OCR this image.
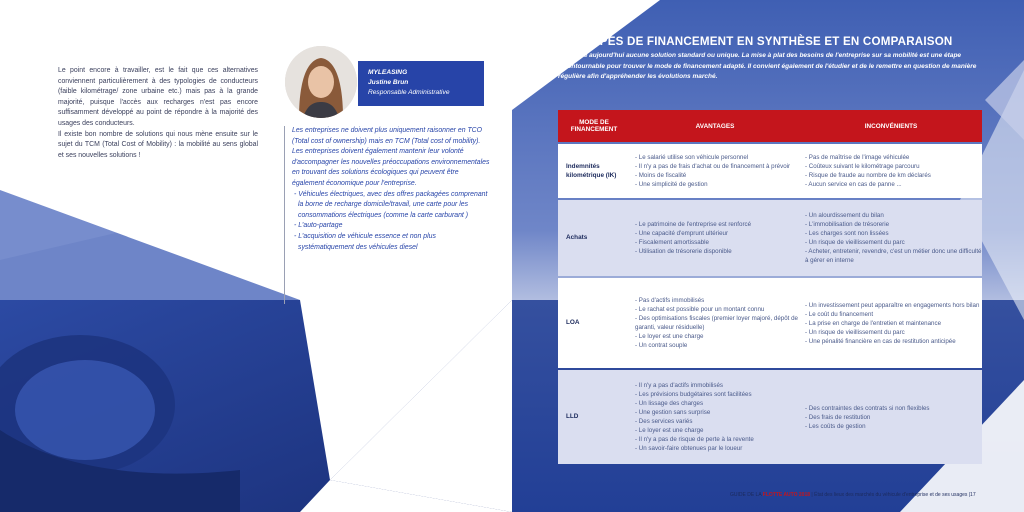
Le point encore à travailler, est le fait que ces alternatives conviennent particulièrement à des typologies de conducteurs (faible kilométrage/ zone urbaine etc.) mais pas à la grande majorité, puisque l'accès aux recharges n'est pas encore suffisamment développé au point de répondre à la majorité des usages des conducteurs.

Il existe bon nombre de solutions qui nous mène ensuite sur le sujet du TCM (Total Cost of Mobility) : la mobilité au sens global et ses nouvelles solutions !

MYLEASING
Justine Brun
Responsable Administrative

Les entreprises ne doivent plus uniquement raisonner en TCO (Total cost of ownership) mais en TCM (Total cost of mobility).

Les entreprises doivent également mantenir leur volonté d'accompagner les nouvelles préoccupations environnementales en trouvant des solutions écologiques qui peuvent être également économique pour l'entreprise.

- Véhicules électriques, avec des offres packagées comprenant la borne de recharge domicile/travail, une carte pour les consommations électriques (comme la carte carburant )

- L'auto-partage

- L'acquisition de véhicule essence et non plus systématiquement des véhicules diesel

LES TYPES DE FINANCEMENT EN SYNTHÈSE ET EN COMPARAISON
Il n'existe aujourd'hui aucune solution standard ou unique. La mise à plat des besoins de l'entreprise sur sa mobilité est une étape incontournable pour trouver le mode de financement adapté. Il convient également de l'étudier et de le remettre en question de manière régulière afin d'appréhender les évolutions marché.
MODE DE FINANCEMENT	AVANTAGES	INCONVÉNIENTS
Indemnités kilométrique (IK)
- Le salarié utilise son véhicule personnel
- Il n'y a pas de frais d'achat ou de financement à prévoir
- Moins de fiscalité
- Une simplicité de gestion
- Pas de maîtrise de l'image véhiculée
- Coûteux suivant le kilométrage parcouru
- Risque de fraude au nombre de km déclarés
- Aucun service en cas de panne ...
Achats
- Le patrimoine de l'entreprise est renforcé
- Une capacité d'emprunt ultérieur
- Fiscalement amortissable
- Utilisation de trésorerie disponible
- Un alourdissement du bilan
- L'immobilisation de trésorerie
- Les charges sont non lissées
- Un risque de vieillissement du parc
- Acheter, entretenir, revendre, c'est un métier donc une difficulté à gérer en interne
LOA
- Pas d'actifs immobilisés
- Le rachat est possible pour un montant connu
- Des optimisations fiscales (premier loyer majoré, dépôt de garanti, valeur résiduelle)
- Le loyer est une charge
- Un contrat souple
- Un investissement peut apparaître en engagements hors bilan
- Le coût du financement
- La prise en charge de l'entretien et maintenance
- Un risque de vieillissement du parc
- Une pénalité financière en cas de restitution anticipée
LLD
- Il n'y a pas d'actifs immobilisés
- Les prévisions budgétaires sont facilitées
- Un lissage des charges
- Une gestion sans surprise
- Des services variés
- Le loyer est une charge
- Il n'y a pas de risque de perte à la revente
- Un savoir-faire obtenues par le loueur
- Des contraintes des contrats si non flexibles
- Des frais de restitution
- Les coûts de gestion
GUIDE DE LA FLOTTE AUTO 2018 | État des lieux des marchés du véhicule d'entreprise et de ses usages |17
